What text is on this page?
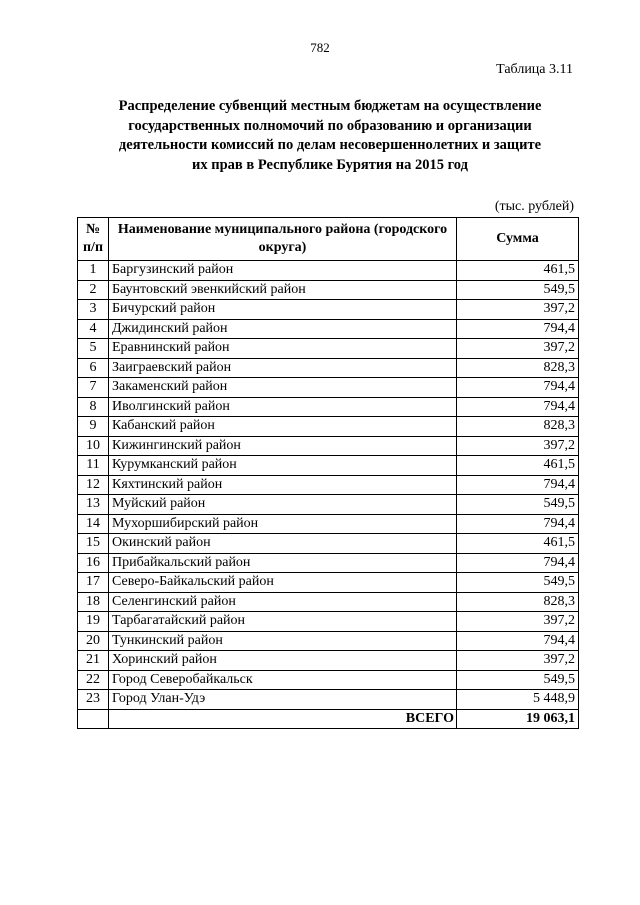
782
Таблица 3.11
Распределение субвенций местным бюджетам на осуществление
государственных полномочий по образованию и организации
деятельности комиссий по делам несовершеннолетних и защите
их прав в Республике Бурятия на 2015 год
(тыс. рублей)
№ п/п	Наименование муниципального района (городского округа)	Сумма
1	Баргузинский район	461,5
2	Баунтовский эвенкийский район	549,5
3	Бичурский район	397,2
4	Джидинский район	794,4
5	Еравнинский район	397,2
6	Заиграевский район	828,3
7	Закаменский район	794,4
8	Иволгинский район	794,4
9	Кабанский район	828,3
10	Кижингинский район	397,2
11	Курумканский район	461,5
12	Кяхтинский район	794,4
13	Муйский район	549,5
14	Мухоршибирский район	794,4
15	Окинский район	461,5
16	Прибайкальский район	794,4
17	Северо-Байкальский район	549,5
18	Селенгинский район	828,3
19	Тарбагатайский район	397,2
20	Тункинский район	794,4
21	Хоринский район	397,2
22	Город Северобайкальск	549,5
23	Город Улан-Удэ	5 448,9
	ВСЕГО	19 063,1
